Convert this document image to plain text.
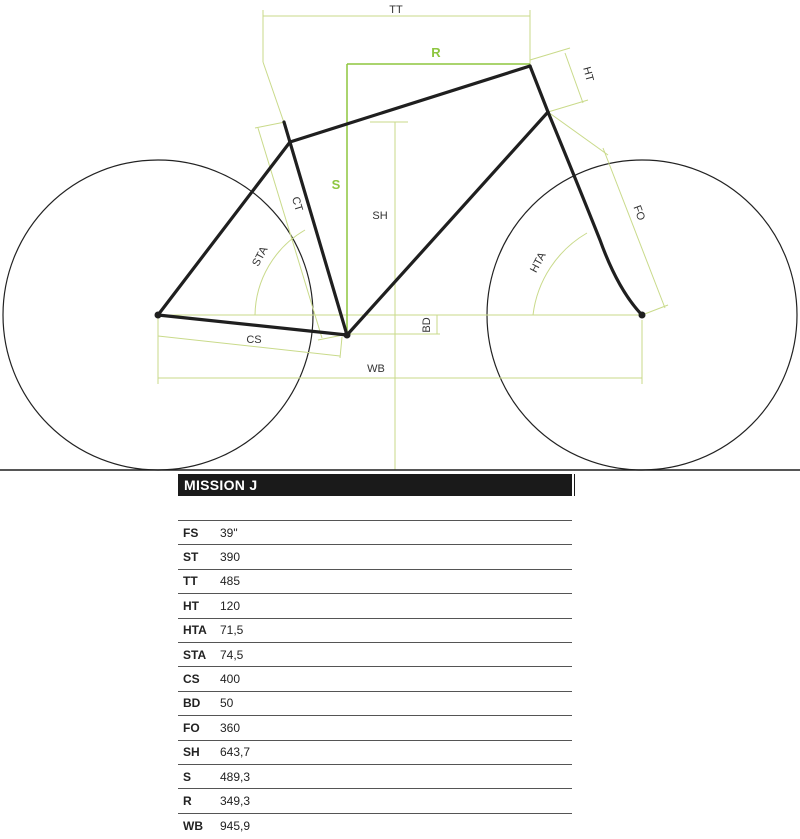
TT
R
HT
S
SH
CT	FO
STA	HTA
BD
CS
WB
MISSION J
FS	39"
ST	390
TT	485
HT	120
HTA	71,5
STA	74,5
CS	400
BD	50
FO	360
SH	643,7
S	489,3
R	349,3
WB	945,9
